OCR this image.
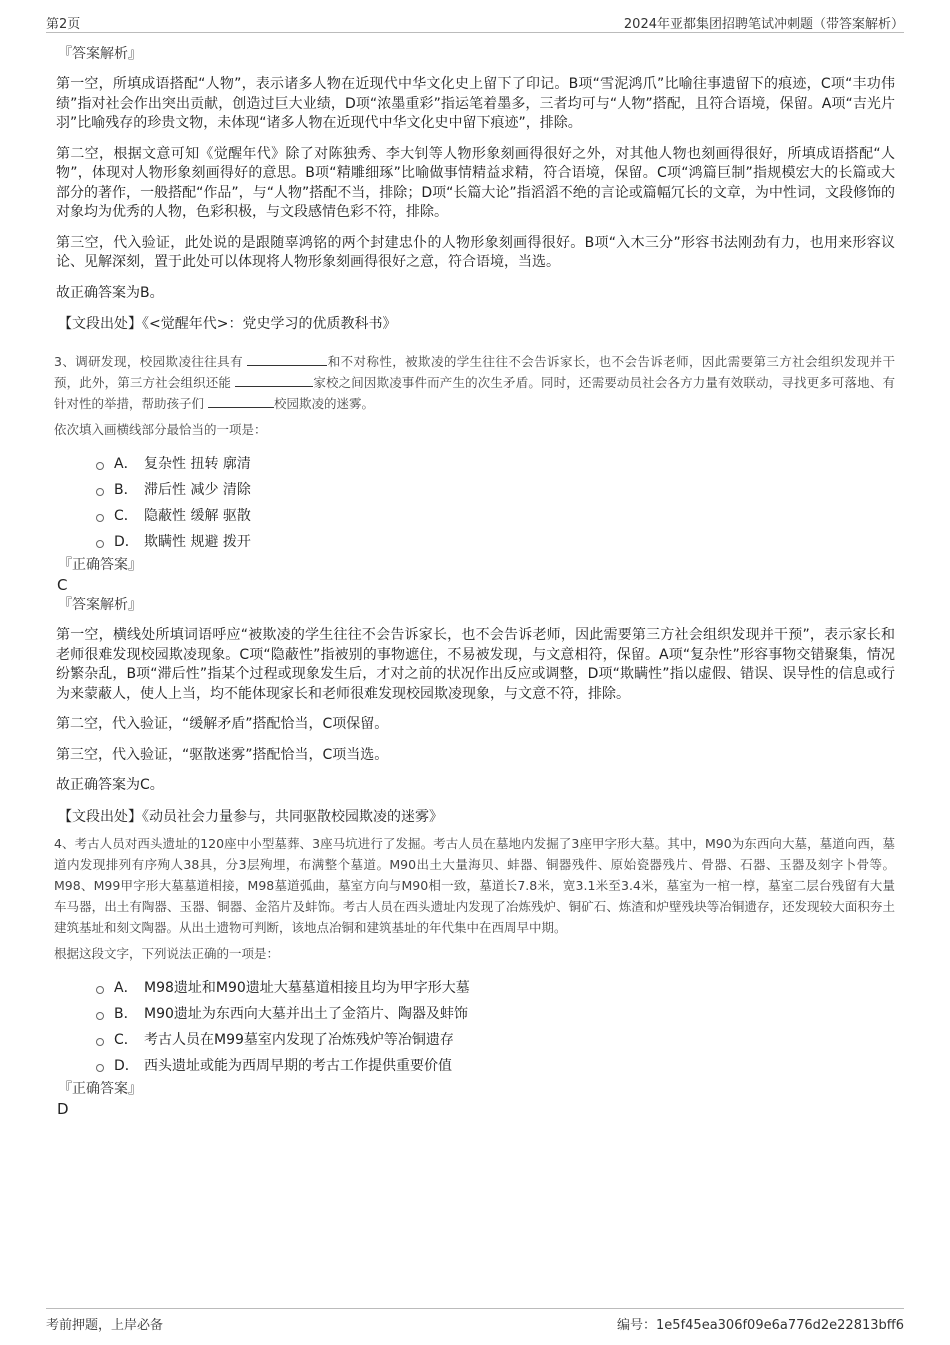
第2页	2024年亚都集团招聘笔试冲刺题（带答案解析）
『答案解析』

第一空，所填成语搭配“人物”，表示诸多人物在近现代中华文化史上留下了印记。B项“雪泥鸿爪”比喻往事遗留下的痕迹，C项“丰功伟绩”指对社会作出突出贡献，创造过巨大业绩，D项“浓墨重彩”指运笔着墨多，三者均可与“人物”搭配，且符合语境，保留。A项“吉光片羽”比喻残存的珍贵文物，未体现“诸多人物在近现代中华文化史中留下痕迹”，排除。

第二空，根据文意可知《觉醒年代》除了对陈独秀、李大钊等人物形象刻画得很好之外，对其他人物也刻画得很好，所填成语搭配“人物”，体现对人物形象刻画得好的意思。B项“精雕细琢”比喻做事情精益求精，符合语境，保留。C项“鸿篇巨制”指规模宏大的长篇或大部分的著作，一般搭配“作品”，与“人物”搭配不当，排除；D项“长篇大论”指滔滔不绝的言论或篇幅冗长的文章，为中性词，文段修饰的对象均为优秀的人物，色彩积极，与文段感情色彩不符，排除。

第三空，代入验证，此处说的是跟随辜鸿铭的两个封建忠仆的人物形象刻画得很好。B项“入木三分”形容书法刚劲有力，也用来形容议论、见解深刻，置于此处可以体现将人物形象刻画得很好之意，符合语境，当选。

故正确答案为B。

【文段出处】《<觉醒年代>：党史学习的优质教科书》

3、调研发现，校园欺凌往往具有	和不对称性，被欺凌的学生往往不会告诉家长，也不会告诉老师，因此需要第三方社会组织发现并干预，此外，第三方社会组织还能	家校之间因欺凌事件而产生的次生矛盾。同时，还需要动员社会各方力量有效联动，寻找更多可落地、有针对性的举措，帮助孩子们	校园欺凌的迷雾。

依次填入画横线部分最恰当的一项是：
A． 复杂性 扭转 廓清
B． 滞后性 减少 清除
C． 隐蔽性 缓解 驱散
D． 欺瞒性 规避 拨开
『正确答案』
C
『答案解析』

第一空，横线处所填词语呼应“被欺凌的学生往往不会告诉家长，也不会告诉老师，因此需要第三方社会组织发现并干预”，表示家长和老师很难发现校园欺凌现象。C项“隐蔽性”指被别的事物遮住，不易被发现，与文意相符，保留。A项“复杂性”形容事物交错聚集，情况纷繁杂乱，B项“滞后性”指某个过程或现象发生后，才对之前的状况作出反应或调整，D项“欺瞒性”指以虚假、错误、误导性的信息或行为来蒙蔽人，使人上当，均不能体现家长和老师很难发现校园欺凌现象，与文意不符，排除。

第二空，代入验证，“缓解矛盾”搭配恰当，C项保留。

第三空，代入验证，“驱散迷雾”搭配恰当，C项当选。

故正确答案为C。

【文段出处】《动员社会力量参与，共同驱散校园欺凌的迷雾》

4、考古人员对西头遗址的120座中小型墓葬、3座马坑进行了发掘。考古人员在墓地内发掘了3座甲字形大墓。其中，M90为东西向大墓，墓道向西，墓道内发现排列有序殉人38具，分3层殉埋，布满整个墓道。M90出土大量海贝、蚌器、铜器残件、原始瓷器残片、骨器、石器、玉器及刻字卜骨等。M98、M99甲字形大墓墓道相接，M98墓道弧曲，墓室方向与M90相一致，墓道长7.8米，宽3.1米至3.4米，墓室为一棺一椁，墓室二层台残留有大量车马器，出土有陶器、玉器、铜器、金箔片及蚌饰。考古人员在西头遗址内发现了冶炼残炉、铜矿石、炼渣和炉壁残块等冶铜遗存，还发现较大面积夯土建筑基址和刻文陶器。从出土遗物可判断，该地点冶铜和建筑基址的年代集中在西周早中期。

根据这段文字，下列说法正确的一项是：
A． M98遗址和M90遗址大墓墓道相接且均为甲字形大墓
B． M90遗址为东西向大墓并出土了金箔片、陶器及蚌饰
C． 考古人员在M99墓室内发现了冶炼残炉等冶铜遗存
D． 西头遗址或能为西周早期的考古工作提供重要价值
『正确答案』
D
考前押题，上岸必备	编号：1e5f45ea306f09e6a776d2e22813bff6
